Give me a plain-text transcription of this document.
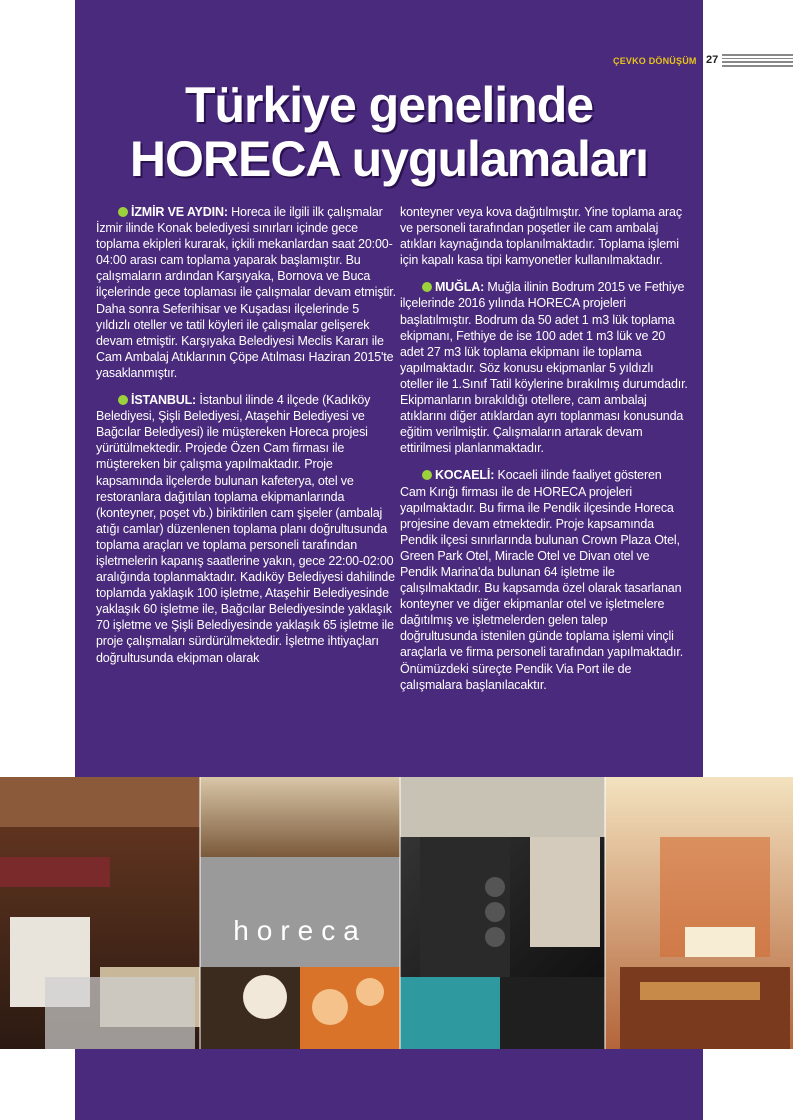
ÇEVKO DÖNÜŞÜM 27
Türkiye genelinde
HORECA uygulamaları

İZMİR VE AYDIN: Horeca ile ilgili ilk çalışmalar İzmir ilinde Konak belediyesi sınırları içinde gece toplama ekipleri kurarak, içkili mekanlardan saat 20:00-04:00 arası cam toplama yaparak başlamıştır. Bu çalışmaların ardından Karşıyaka, Bornova ve Buca ilçelerinde gece toplaması ile çalışmalar devam etmiştir. Daha sonra Seferihisar ve Kuşadası ilçelerinde 5 yıldızlı oteller ve tatil köyleri ile çalışmalar gelişerek devam etmiştir. Karşıyaka Belediyesi Meclis Kararı ile Cam Ambalaj Atıklarının Çöpe Atılması Haziran 2015'te yasaklanmıştır.

İSTANBUL: İstanbul ilinde 4 ilçede (Kadıköy Belediyesi, Şişli Belediyesi, Ataşehir Belediyesi ve Bağcılar Belediyesi) ile müştereken Horeca projesi yürütülmektedir. Projede Özen Cam firması ile müştereken bir çalışma yapılmaktadır. Proje kapsamında ilçelerde bulunan kafeterya, otel ve restoranlara dağıtılan toplama ekipmanlarında (konteyner, poşet vb.) biriktirilen cam şişeler (ambalaj atığı camlar) düzenlenen toplama planı doğrultusunda toplama araçları ve toplama personeli tarafından işletmelerin kapanış saatlerine yakın, gece 22:00-02:00 aralığında toplanmaktadır. Kadıköy Belediyesi dahilinde toplamda yaklaşık 100 işletme, Ataşehir Belediyesinde yaklaşık 60 işletme ile, Bağcılar Belediyesinde yaklaşık 70 işletme ve Şişli Belediyesinde yaklaşık 65 işletme ile proje çalışmaları sürdürülmektedir. İşletme ihtiyaçları doğrultusunda ekipman olarak

konteyner veya kova dağıtılmıştır. Yine toplama araç ve personeli tarafından poşetler ile cam ambalaj atıkları kaynağında toplanılmaktadır. Toplama işlemi için kapalı kasa tipi kamyonetler kullanılmaktadır.

MUĞLA: Muğla ilinin Bodrum 2015 ve Fethiye ilçelerinde 2016 yılında HORECA projeleri başlatılmıştır. Bodrum da 50 adet 1 m3 lük toplama ekipmanı, Fethiye de ise 100 adet 1 m3 lük ve 20 adet 27 m3 lük toplama ekipmanı ile toplama yapılmaktadır. Söz konusu ekipmanlar 5 yıldızlı oteller ile 1.Sınıf Tatil köylerine bırakılmış durumdadır. Ekipmanların bırakıldığı otellere, cam ambalaj atıklarını diğer atıklardan ayrı toplanması konusunda eğitim verilmiştir. Çalışmaların artarak devam ettirilmesi planlanmaktadır.

KOCAELİ: Kocaeli ilinde faaliyet gösteren Cam Kırığı firması ile de HORECA projeleri yapılmaktadır. Bu firma ile Pendik ilçesinde Horeca projesine devam etmektedir. Proje kapsamında Pendik ilçesi sınırlarında bulunan Crown Plaza Otel, Green Park Otel, Miracle Otel ve Divan otel ve Pendik Marina'da bulunan 64 işletme ile çalışılmaktadır. Bu kapsamda özel olarak tasarlanan konteyner ve diğer ekipmanlar otel ve işletmelere dağıtılmış ve işletmelerden gelen talep doğrultusunda istenilen günde toplama işlemi vinçli araçlarla ve firma personeli tarafından yapılmaktadır. Önümüzdeki süreçte Pendik Via Port ile de çalışmalara başlanılacaktır.

horeca
